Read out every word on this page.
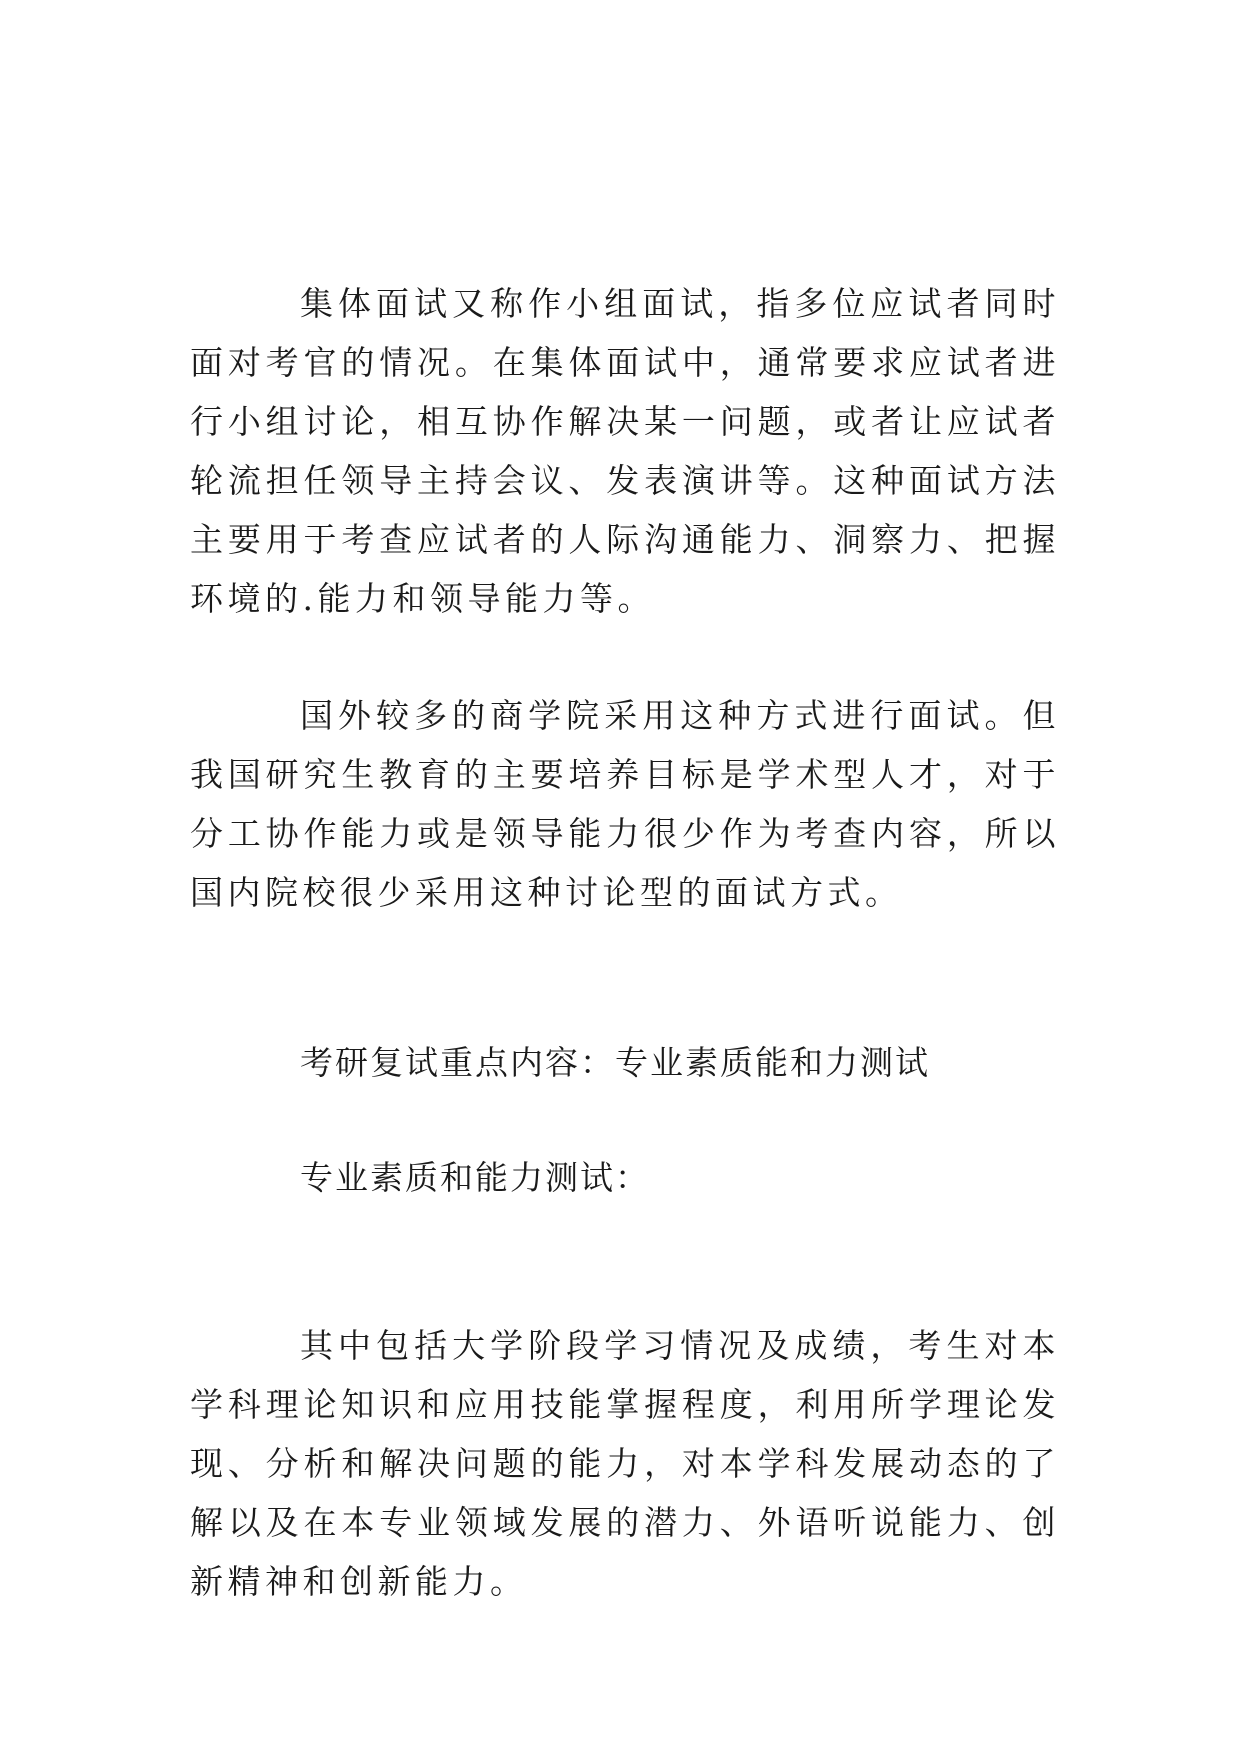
集体面试又称作小组面试，指多位应试者同时面对考官的情况。在集体面试中，通常要求应试者进行小组讨论，相互协作解决某一问题，或者让应试者轮流担任领导主持会议、发表演讲等。这种面试方法主要用于考查应试者的人际沟通能力、洞察力、把握环境的.能力和领导能力等。

国外较多的商学院采用这种方式进行面试。但我国研究生教育的主要培养目标是学术型人才，对于分工协作能力或是领导能力很少作为考查内容，所以国内院校很少采用这种讨论型的面试方式。

考研复试重点内容：专业素质能和力测试

专业素质和能力测试：

其中包括大学阶段学习情况及成绩，考生对本学科理论知识和应用技能掌握程度，利用所学理论发现、分析和解决问题的能力，对本学科发展动态的了解以及在本专业领域发展的潜力、外语听说能力、创新精神和创新能力。
